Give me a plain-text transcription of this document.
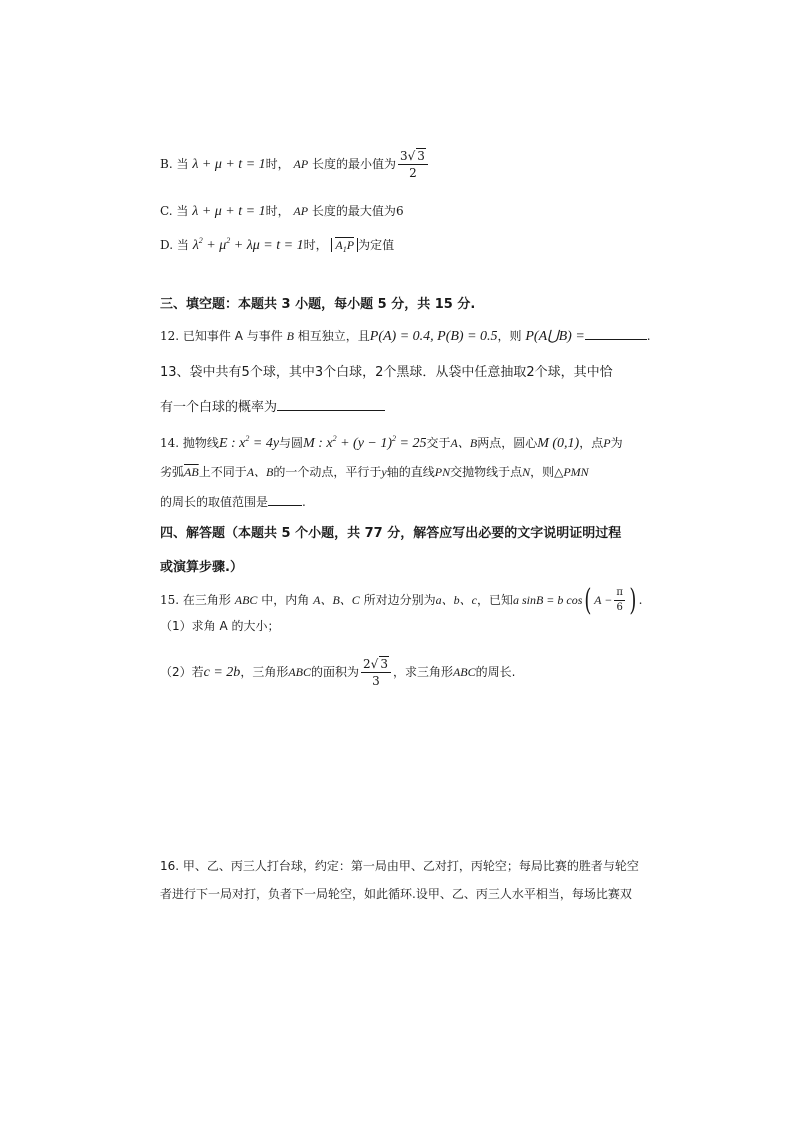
B. 当 λ + μ + t = 1时， AP 长度的最小值为 $\frac{3√ 3}{2}$
C. 当 λ + μ + t = 1时， AP 长度的最大值为6
D. 当 $\lambda^2 + \mu^2 + \lambda\mu = t = 1$时， $A_1P$ 为定值
三、填空题：本题共 3 小题，每小题 5 分，共 15 分.
12. 已知事件 A 与事件 B 相互独立，且P(A) = 0.4, P(B) = 0.5，则 P(A⋃B) =	.
13、袋中共有5个球，其中3个白球，2个黑球．从袋中任意抽取2个球，其中恰
有一个白球的概率为
14. 抛物线E : $x^2 = 4y$与圆M : $x^2 + (y - 1)^2 = 25$交于A、B两点，圆心M (0,1)，点P为
劣弧$\overline{AB}$上不同于A、B的一个动点，平行于y轴的直线PN交抛物线于点N，则△PMN
的周长的取值范围是	.
四、解答题（本题共 5 个小题，共 77 分，解答应写出必要的文字说明证明过程
或演算步骤.）
15. 在三角形 ABC 中，内角 A、B、C 所对边分别为a、b、c，已知a sinB = b cos( $A - \frac{\pi}{6}$ ) .
（1）求角 A 的大小；
（2）若c = 2b，三角形ABC的面积为 $\frac{2√ 3}{3}$ ，求三角形ABC的周长.
16. 甲、乙、丙三人打台球，约定：第一局由甲、乙对打，丙轮空；每局比赛的胜者与轮空
者进行下一局对打，负者下一局轮空，如此循环.设甲、乙、丙三人水平相当，每场比赛双
